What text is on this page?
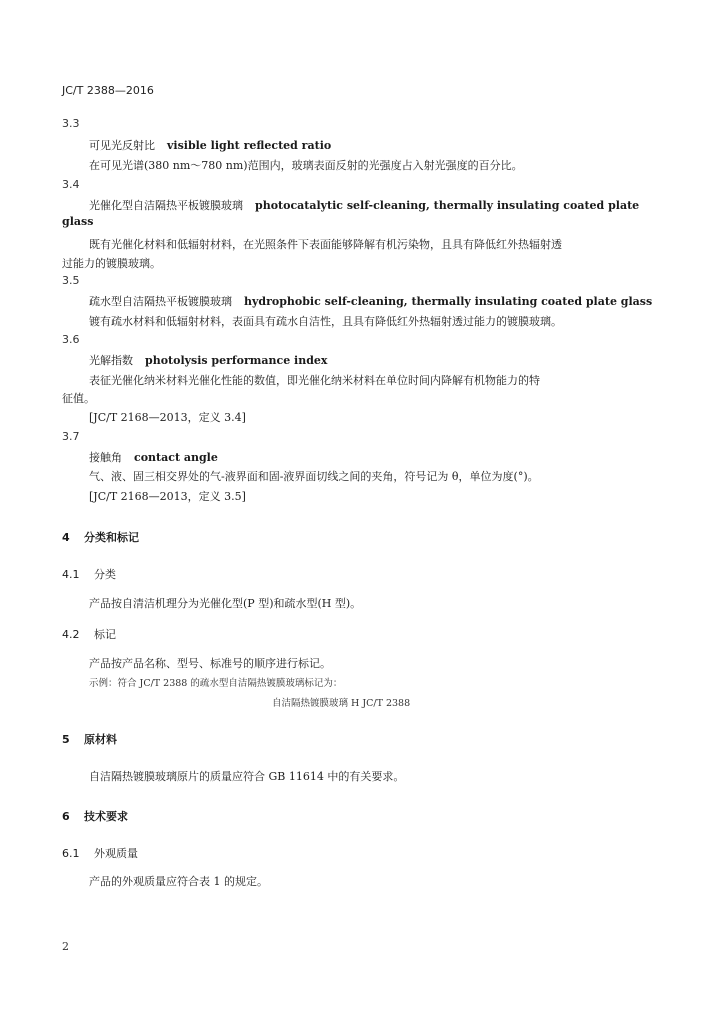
JC/T 2388—2016
3.3
可见光反射比 visible light reflected ratio
在可见光谱(380 nm～780 nm)范围内，玻璃表面反射的光强度占入射光强度的百分比。
3.4
光催化型自洁隔热平板镀膜玻璃 photocatalytic self-cleaning, thermally insulating coated plate
glass
既有光催化材料和低辐射材料，在光照条件下表面能够降解有机污染物，且具有降低红外热辐射透
过能力的镀膜玻璃。
3.5
疏水型自洁隔热平板镀膜玻璃 hydrophobic self-cleaning, thermally insulating coated plate glass
镀有疏水材料和低辐射材料，表面具有疏水自洁性，且具有降低红外热辐射透过能力的镀膜玻璃。
3.6
光解指数 photolysis performance index
表征光催化纳米材料光催化性能的数值，即光催化纳米材料在单位时间内降解有机物能力的特
征值。
[JC/T 2168—2013，定义 3.4]
3.7
接触角 contact angle
气、液、固三相交界处的气-液界面和固-液界面切线之间的夹角，符号记为 θ，单位为度(°)。
[JC/T 2168—2013，定义 3.5]
4 分类和标记
4.1 分类
产品按自清洁机理分为光催化型(P 型)和疏水型(H 型)。
4.2 标记
产品按产品名称、型号、标准号的顺序进行标记。
示例：符合 JC/T 2388 的疏水型自洁隔热镀膜玻璃标记为：
自洁隔热镀膜玻璃 H JC/T 2388
5 原材料
自洁隔热镀膜玻璃原片的质量应符合 GB 11614 中的有关要求。
6 技术要求
6.1 外观质量
产品的外观质量应符合表 1 的规定。
2
